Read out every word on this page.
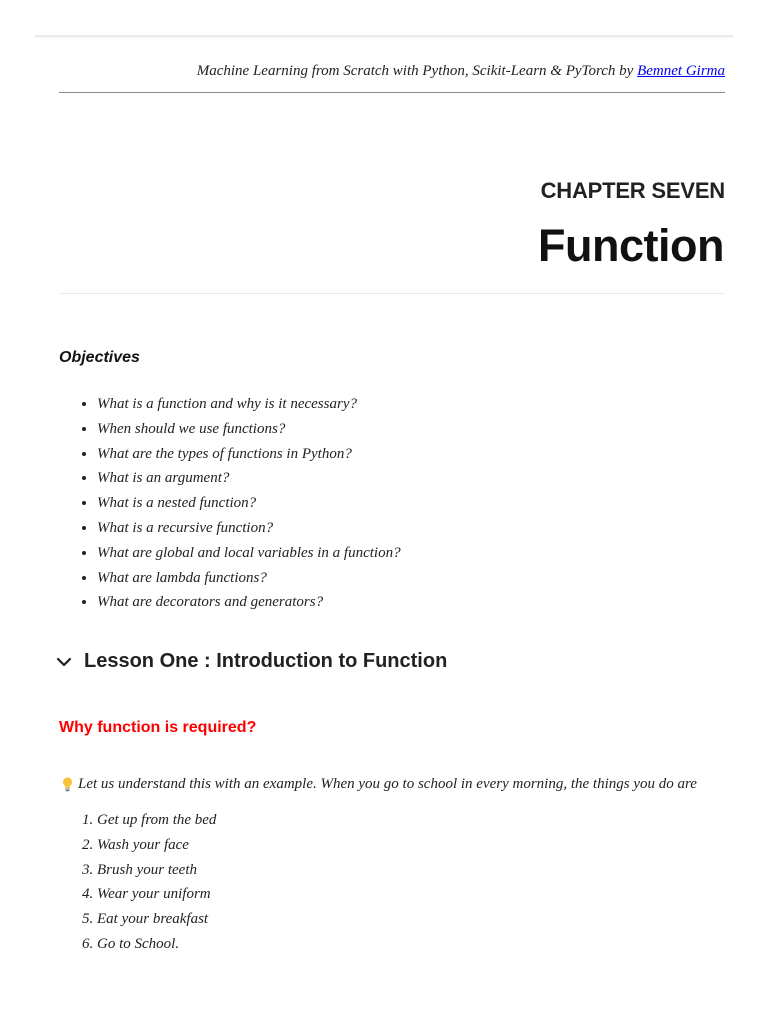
Machine Learning from Scratch with Python, Scikit-Learn & PyTorch by Bemnet Girma
CHAPTER SEVEN
Function
Objectives
• What is a function and why is it necessary?
• When should we use functions?
• What are the types of functions in Python?
• What is an argument?
• What is a nested function?
• What is a recursive function?
• What are global and local variables in a function?
• What are lambda functions?
• What are decorators and generators?
Lesson One : Introduction to Function
Why function is required?
Let us understand this with an example. When you go to school in every morning, the things you do are
1. Get up from the bed
2. Wash your face
3. Brush your teeth
4. Wear your uniform
5. Eat your breakfast
6. Go to School.
